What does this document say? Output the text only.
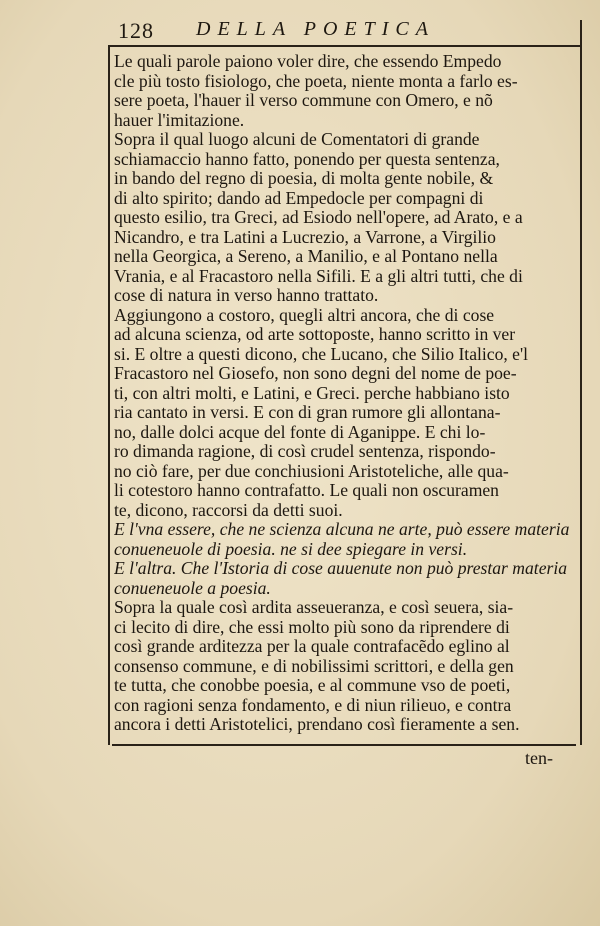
128 DELLA POETICA
Le quali parole paiono voler dire, che essendo Empedo
cle più tosto fisiologo, che poeta, niente monta a farlo es-
sere poeta, l'hauer il verso commune con Omero, e nõ
hauer l'imitazione.
Sopra il qual luogo alcuni de Comentatori di grande
schiamaccio hanno fatto, ponendo per questa sentenza,
in bando del regno di poesia, di molta gente nobile, &
di alto spirito; dando ad Empedocle per compagni di
questo esilio, tra Greci, ad Esiodo nell'opere, ad Arato, e a
Nicandro, e tra Latini a Lucrezio, a Varrone, a Virgilio
nella Georgica, a Sereno, a Manilio, e al Pontano nella
Vrania, e al Fracastoro nella Sifili. E a gli altri tutti, che di
cose di natura in verso hanno trattato.
Aggiungono a costoro, quegli altri ancora, che di cose
ad alcuna scienza, od arte sottoposte, hanno scritto in ver
si. E oltre a questi dicono, che Lucano, che Silio Italico, e'l
Fracastoro nel Giosefo, non sono degni del nome de poe-
ti, con altri molti, e Latini, e Greci. perche habbiano isto
ria cantato in versi. E con di gran rumore gli allontana-
no, dalle dolci acque del fonte di Aganippe. E chi lo-
ro dimanda ragione, di così crudel sentenza, rispondo-
no ciò fare, per due conchiusioni Aristoteliche, alle qua-
li cotestoro hanno contrafatto. Le quali non oscuramen
te, dicono, raccorsi da detti suoi.
E l'vna essere, che ne scienza alcuna ne arte, può essere materia
conueneuole di poesia. ne si dee spiegare in versi.
E l'altra. Che l'Istoria di cose auuenute non può prestar materia
conueneuole a poesia.
Sopra la quale così ardita asseueranza, e così seuera, sia-
ci lecito di dire, che essi molto più sono da riprendere di
così grande arditezza per la quale contrafacẽdo eglino al
consenso commune, e di nobilissimi scrittori, e della gen
te tutta, che conobbe poesia, e al commune vso de poeti,
con ragioni senza fondamento, e di niun rilieuo, e contra
ancora i detti Aristotelici, prendano così fieramente a sen.
ten-
